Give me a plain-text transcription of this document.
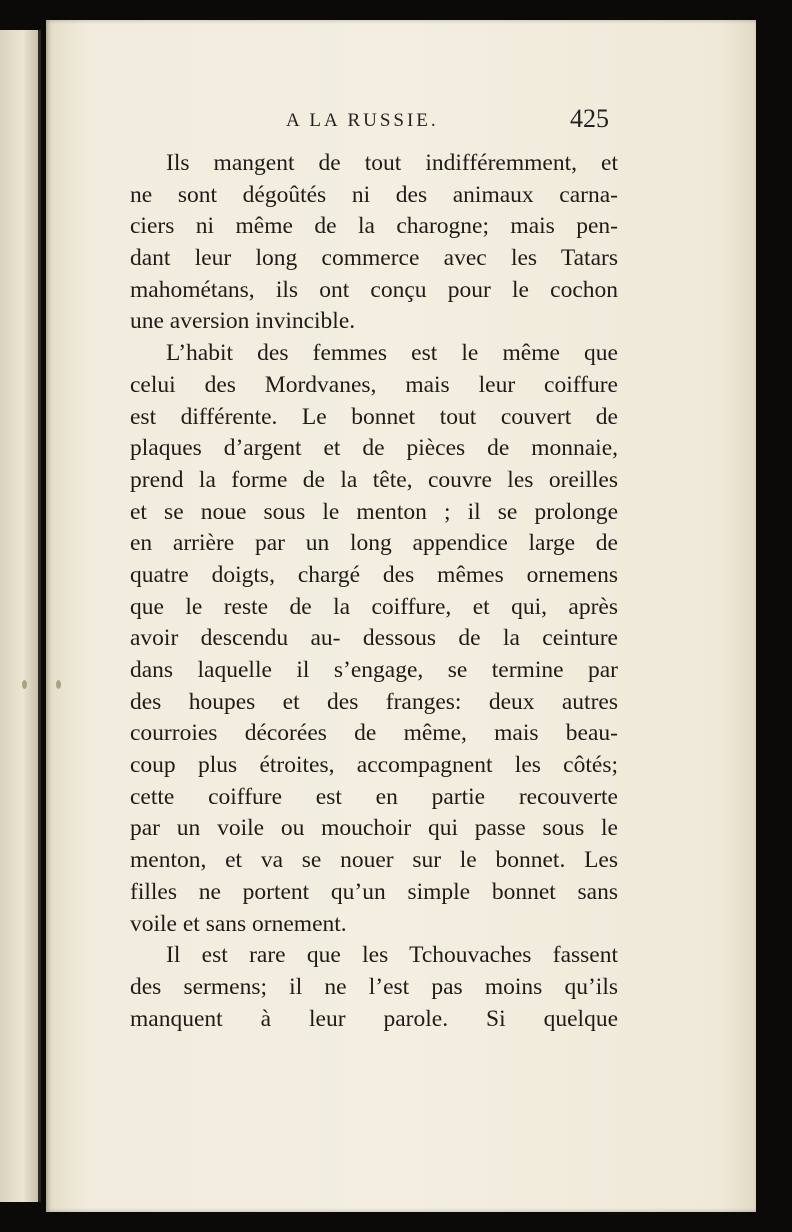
A LA RUSSIE.	425
Ils mangent de tout indifféremment, et
ne sont dégoûtés ni des animaux carna-
ciers ni même de la charogne; mais pen-
dant leur long commerce avec les Tatars
mahométans, ils ont conçu pour le cochon
une aversion invincible.
L’habit des femmes est le même que
celui des Mordvanes, mais leur coiffure
est différente. Le bonnet tout couvert de
plaques d’argent et de pièces de monnaie,
prend la forme de la tête, couvre les oreilles
et se noue sous le menton ; il se prolonge
en arrière par un long appendice large de
quatre doigts, chargé des mêmes ornemens
que le reste de la coiffure, et qui, après
avoir descendu au- dessous de la ceinture
dans laquelle il s’engage, se termine par
des houpes et des franges: deux autres
courroies décorées de même, mais beau-
coup plus étroites, accompagnent les côtés;
cette coiffure est en partie recouverte
par un voile ou mouchoir qui passe sous le
menton, et va se nouer sur le bonnet. Les
filles ne portent qu’un simple bonnet sans
voile et sans ornement.
Il est rare que les Tchouvaches fassent
des sermens; il ne l’est pas moins qu’ils
manquent à leur parole. Si quelque
